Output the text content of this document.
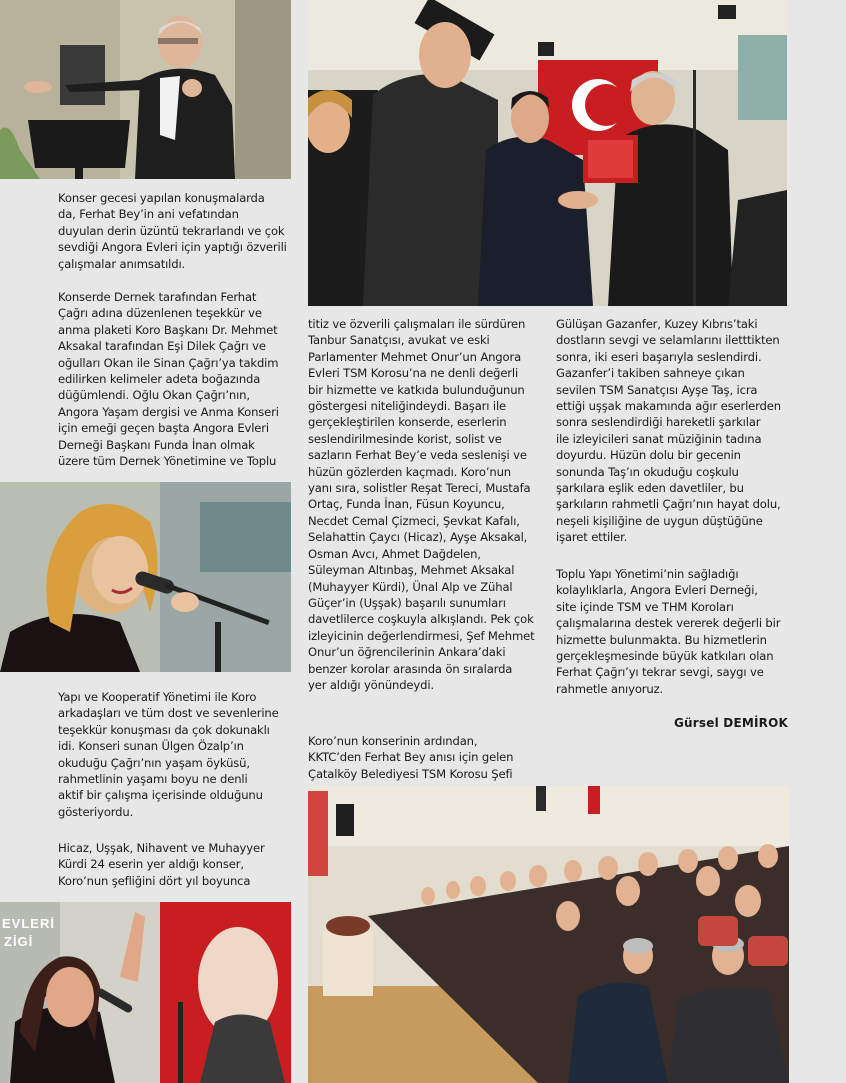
Konser gecesi yapılan konuşmalarda
da, Ferhat Bey’in ani vefatından
duyulan derin üzüntü tekrarlandı ve çok
sevdiği Angora Evleri için yaptığı özverili
çalışmalar anımsatıldı.

Konserde Dernek tarafından Ferhat
Çağrı adına düzenlenen teşekkür ve
anma plaketi Koro Başkanı Dr. Mehmet
Aksakal tarafından Eşi Dilek Çağrı ve
oğulları Okan ile Sinan Çağrı’ya takdim
edilirken kelimeler adeta boğazında
düğümlendi. Oğlu Okan Çağrı’nın,
Angora Yaşam dergisi ve Anma Konseri
için emeği geçen başta Angora Evleri
Derneği Başkanı Funda İnan olmak
üzere tüm Dernek Yönetimine ve Toplu

Yapı ve Kooperatif Yönetimi ile Koro
arkadaşları ve tüm dost ve sevenlerine
teşekkür konuşması da çok dokunaklı
idi. Konseri sunan Ülgen Özalp’ın
okuduğu Çağrı’nın yaşam öyküsü,
rahmetlinin yaşamı boyu ne denli
aktif bir çalışma içerisinde olduğunu
gösteriyordu.

Hicaz, Uşşak, Nihavent ve Muhayyer
Kürdi 24 eserin yer aldığı konser,
Koro’nun şefliğini dört yıl boyunca

EVLERİ
ZİGİ

titiz ve özverili çalışmaları ile sürdüren
Tanbur Sanatçısı, avukat ve eski
Parlamenter Mehmet Onur’un Angora
Evleri TSM Korosu’na ne denli değerli
bir hizmette ve katkıda bulunduğunun
göstergesi niteliğindeydi. Başarı ile
gerçekleştirilen konserde, eserlerin
seslendirilmesinde korist, solist ve
sazların Ferhat Bey’e veda seslenişi ve
hüzün gözlerden kaçmadı. Koro’nun
yanı sıra, solistler Reşat Tereci, Mustafa
Ortaç, Funda İnan, Füsun Koyuncu,
Necdet Cemal Çizmeci, Şevkat Kafalı,
Selahattin Çaycı (Hicaz), Ayşe Aksakal,
Osman Avcı, Ahmet Dağdelen,
Süleyman Altınbaş, Mehmet Aksakal
(Muhayyer Kürdi), Ünal Alp ve Zühal
Güçer’in (Uşşak) başarılı sunumları
davetlilerce coşkuyla alkışlandı. Pek çok
izleyicinin değerlendirmesi, Şef Mehmet
Onur’un öğrencilerinin Ankara’daki
benzer korolar arasında ön sıralarda
yer aldığı yönündeydi.

Koro’nun konserinin ardından,
KKTC’den Ferhat Bey anısı için gelen
Çatalköy Belediyesi TSM Korosu Şefi

Gülüşan Gazanfer, Kuzey Kıbrıs’taki
dostların sevgi ve selamlarını iletttikten
sonra, iki eseri başarıyla seslendirdi.
Gazanfer’i takiben sahneye çıkan
sevilen TSM Sanatçısı Ayşe Taş, icra
ettiği uşşak makamında ağır eserlerden
sonra seslendirdiği hareketli şarkılar
ile izleyicileri sanat müziğinin tadına
doyurdu. Hüzün dolu bir gecenin
sonunda Taş’ın okuduğu coşkulu
şarkılara eşlik eden davetliler, bu
şarkıların rahmetli Çağrı’nın hayat dolu,
neşeli kişiliğine de uygun düştüğüne
işaret ettiler.

Toplu Yapı Yönetimi’nin sağladığı
kolaylıklarla, Angora Evleri Derneği,
site içinde TSM ve THM Koroları
çalışmalarına destek vererek değerli bir
hizmette bulunmakta. Bu hizmetlerin
gerçekleşmesinde büyük katkıları olan
Ferhat Çağrı’yı tekrar sevgi, saygı ve
rahmetle anıyoruz.

Gürsel DEMİROK
